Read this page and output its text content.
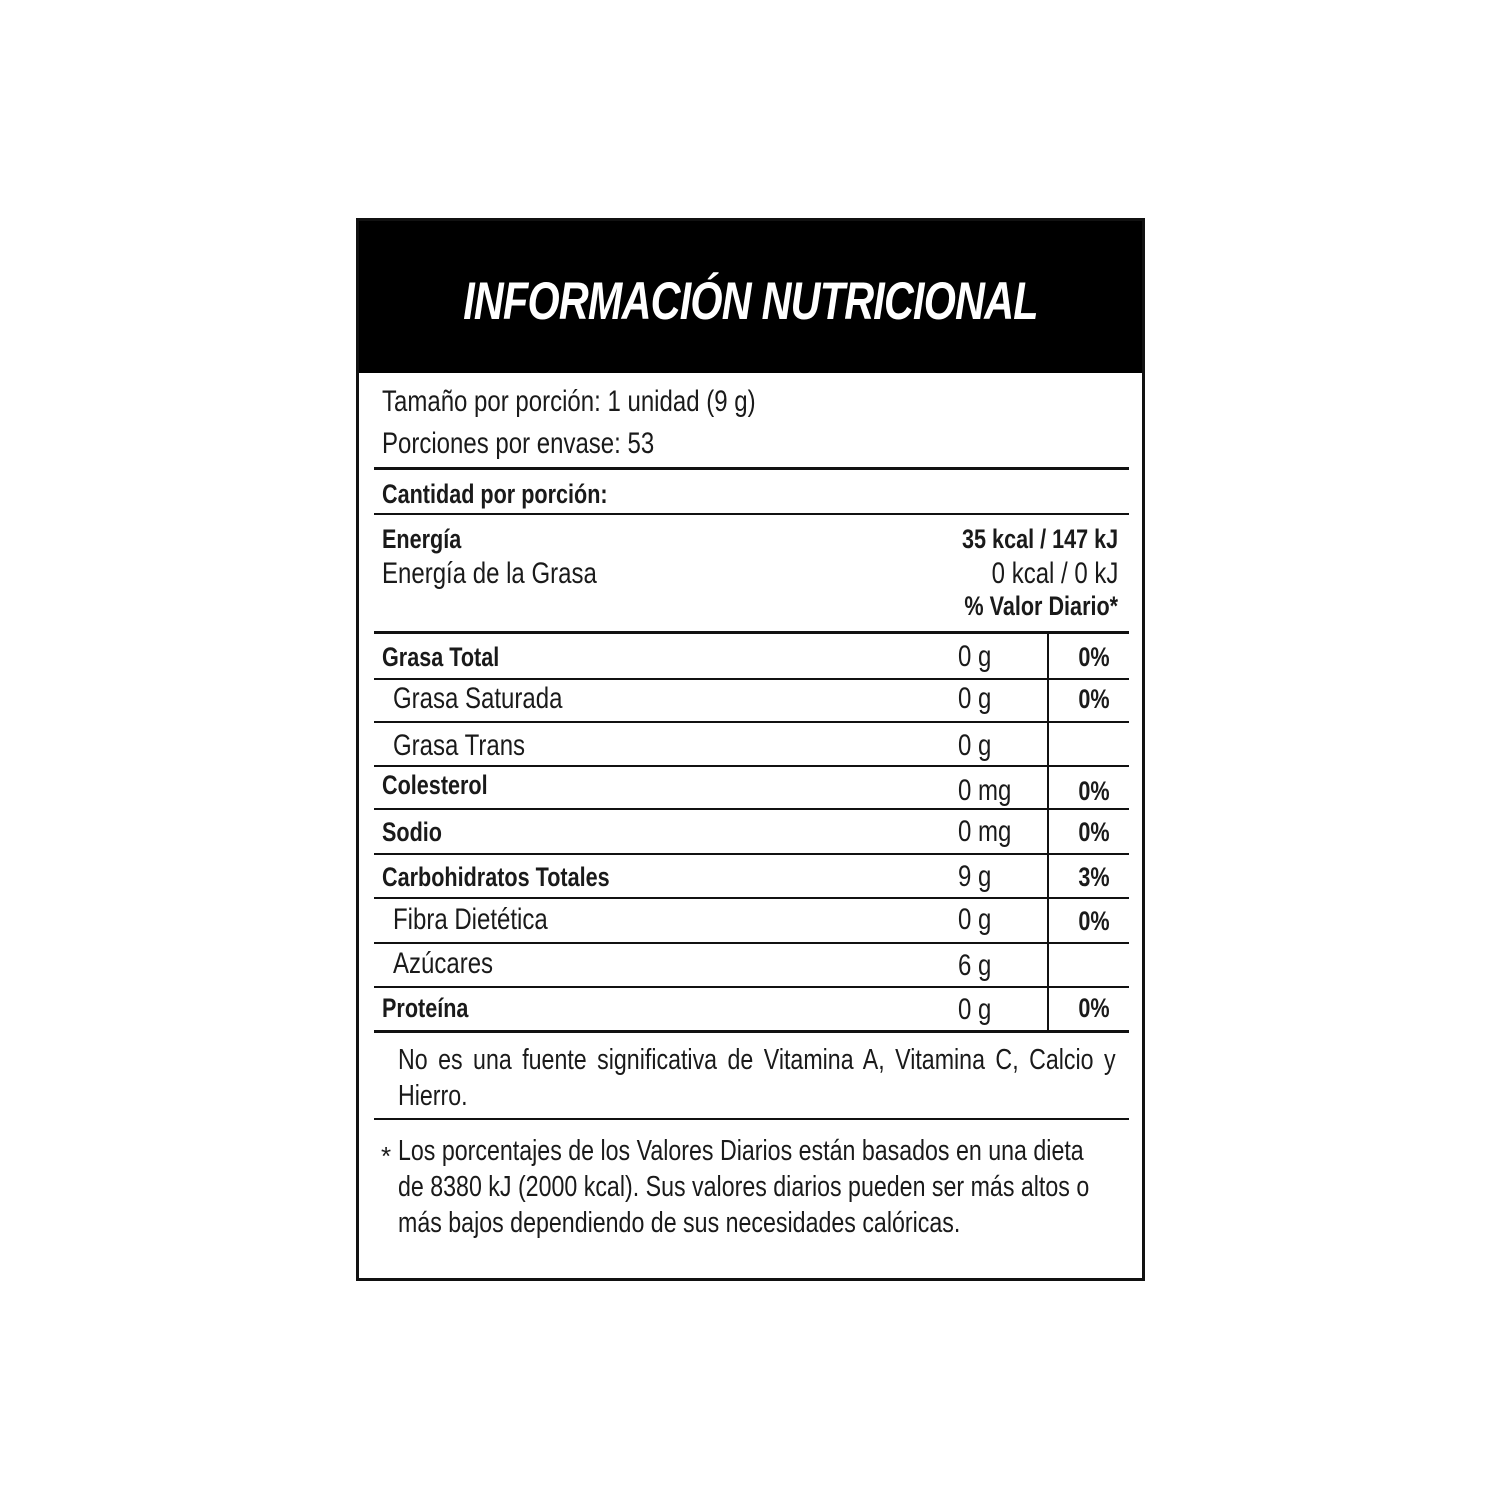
INFORMACIÓN NUTRICIONAL
Tamaño por porción: 1 unidad (9 g)
Porciones por envase: 53
Cantidad por porción:
Energía	35 kcal / 147 kJ
Energía de la Grasa	0 kcal / 0 kJ
% Valor Diario*
Grasa Total	0 g	0%
Grasa Saturada	0 g	0%
Grasa Trans	0 g
Colesterol	0 mg	0%
Sodio	0 mg	0%
Carbohidratos Totales	9 g	3%
Fibra Dietética	0 g	0%
Azúcares	6 g
Proteína	0 g	0%
No es una fuente significativa de Vitamina A, Vitamina C, Calcio y Hierro.
* Los porcentajes de los Valores Diarios están basados en una dieta de 8380 kJ (2000 kcal). Sus valores diarios pueden ser más altos o más bajos dependiendo de sus necesidades calóricas.
